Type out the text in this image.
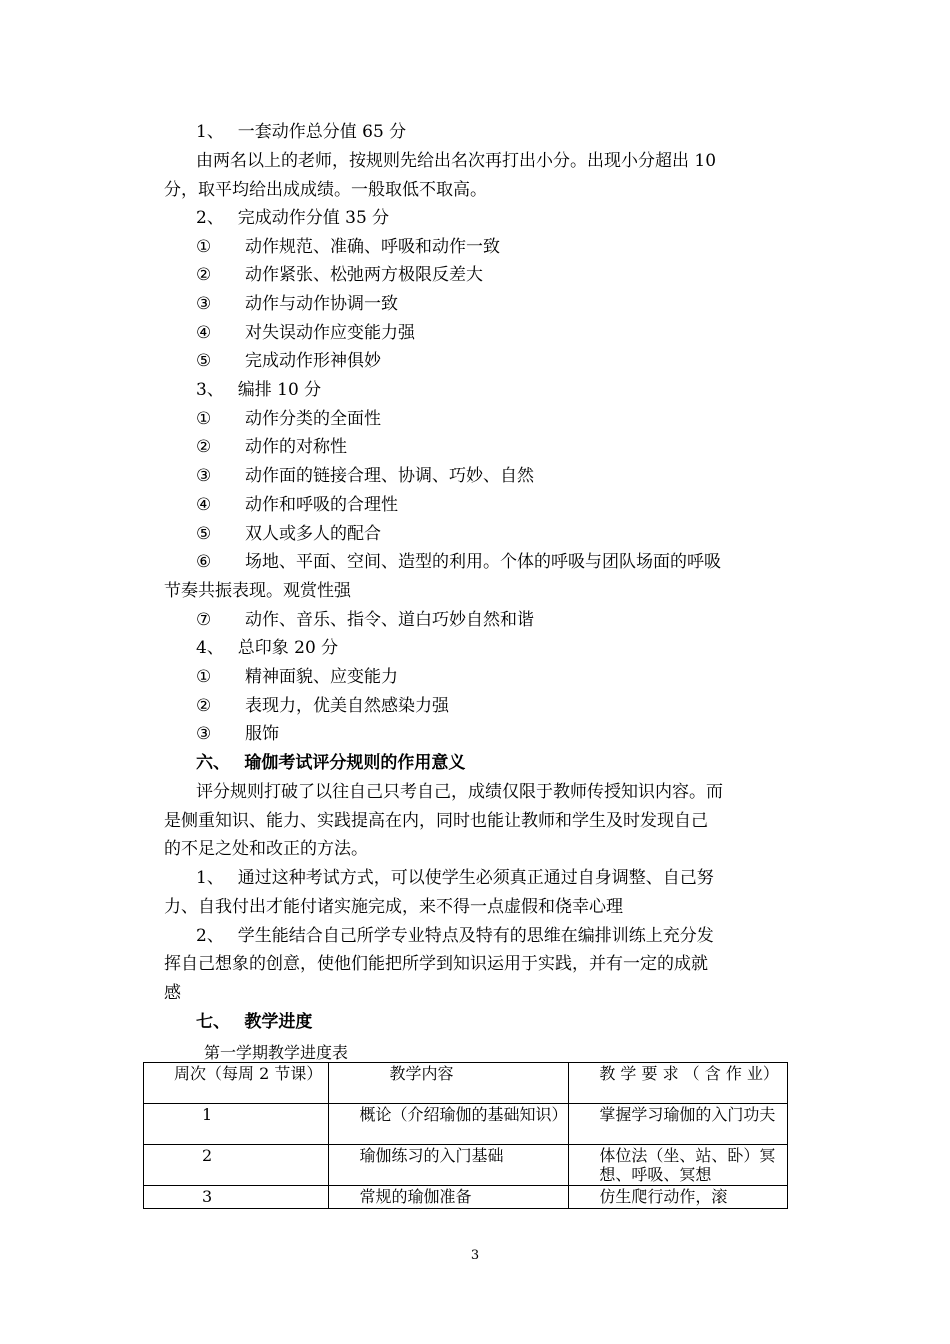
1、　 一套动作总分值 65 分
由两名以上的老师，按规则先给出名次再打出小分。出现小分超出 10
分，取平均给出成成绩。一般取低不取高。
2、　 完成动作分值 35 分
① 动作规范、准确、呼吸和动作一致
② 动作紧张、松弛两方极限反差大
③ 动作与动作协调一致
④ 对失误动作应变能力强
⑤ 完成动作形神俱妙
3、　 编排 10 分
① 动作分类的全面性
② 动作的对称性
③ 动作面的链接合理、协调、巧妙、自然
④ 动作和呼吸的合理性
⑤ 双人或多人的配合
⑥ 场地、平面、空间、造型的利用。个体的呼吸与团队场面的呼吸
节奏共振表现。观赏性强
⑦ 动作、音乐、指令、道白巧妙自然和谐
4、　 总印象 20 分
① 精神面貌、应变能力
② 表现力，优美自然感染力强
③ 服饰
六、　 瑜伽考试评分规则的作用意义
评分规则打破了以往自己只考自己，成绩仅限于教师传授知识内容。而
是侧重知识、能力、实践提高在内，同时也能让教师和学生及时发现自己
的不足之处和改正的方法。
1、　 通过这种考试方式，可以使学生必须真正通过自身调整、自己努
力、自我付出才能付诸实施完成，来不得一点虚假和侥幸心理
2、　 学生能结合自己所学专业特点及特有的思维在编排训练上充分发
挥自己想象的创意，使他们能把所学到知识运用于实践，并有一定的成就
感
七、　 教学进度
第一学期教学进度表
周次（每周 2 节课）	教学内容	教 学 要 求 （ 含 作 业）
1	概论（介绍瑜伽的基础知识）	掌握学习瑜伽的入门功夫
2	瑜伽练习的入门基础	体位法（坐、站、卧）冥想、呼吸、冥想
3	常规的瑜伽准备	仿生爬行动作，滚
3
